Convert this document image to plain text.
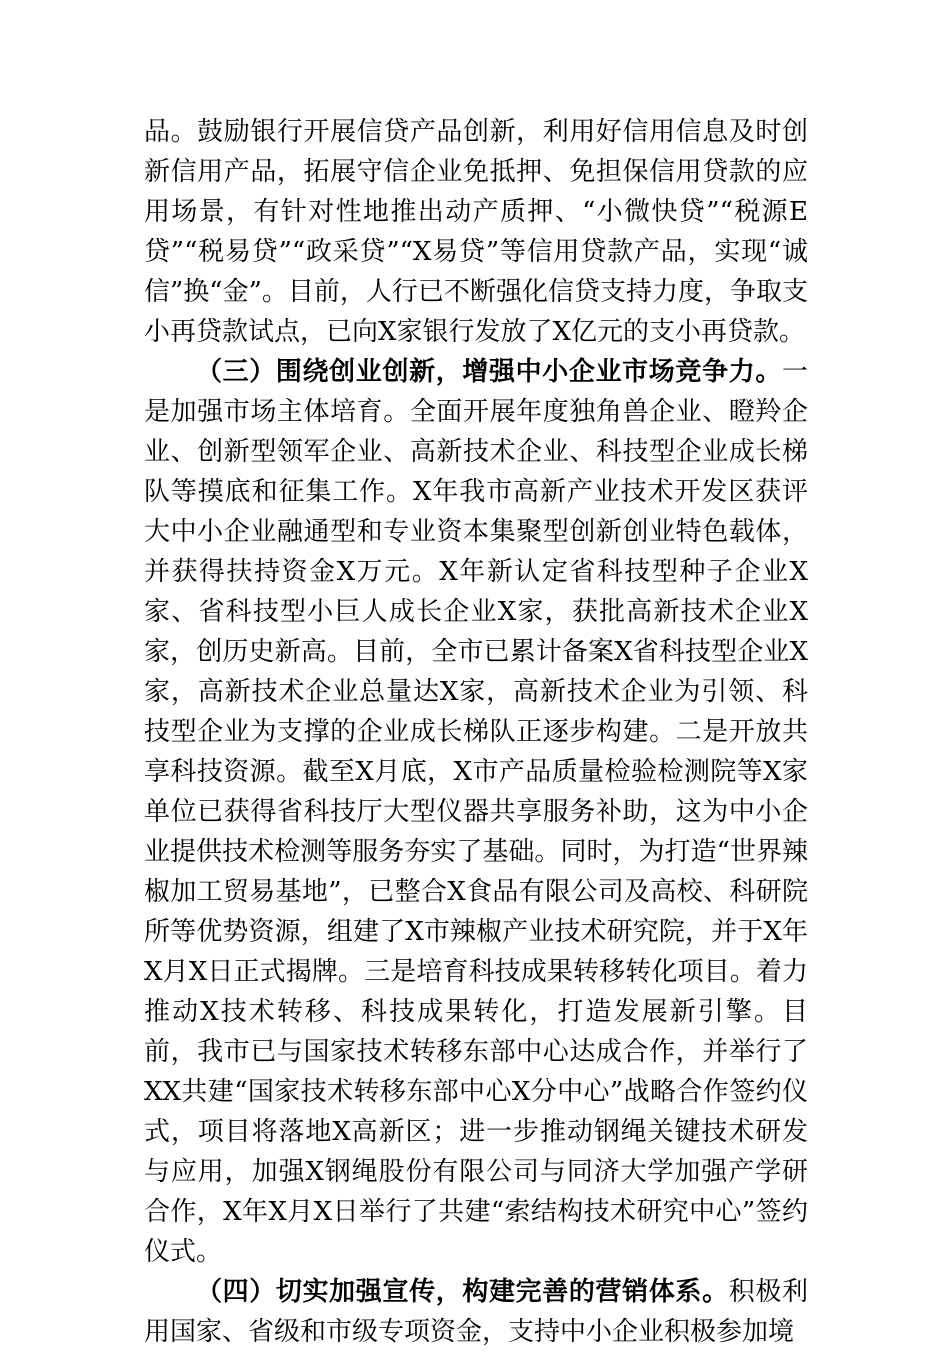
品。鼓励银行开展信贷产品创新，利用好信用信息及时创新信用产品，拓展守信企业免抵押、免担保信用贷款的应用场景，有针对性地推出动产质押、“小微快贷”“税源E贷”“税易贷”“政采贷”“X易贷”等信用贷款产品，实现“诚信”换“金”。目前，人行已不断强化信贷支持力度，争取支小再贷款试点，已向X家银行发放了X亿元的支小再贷款。

（三）围绕创业创新，增强中小企业市场竞争力。一是加强市场主体培育。全面开展年度独角兽企业、瞪羚企业、创新型领军企业、高新技术企业、科技型企业成长梯队等摸底和征集工作。X年我市高新产业技术开发区获评大中小企业融通型和专业资本集聚型创新创业特色载体，并获得扶持资金X万元。X年新认定省科技型种子企业X家、省科技型小巨人成长企业X家，获批高新技术企业X家，创历史新高。目前，全市已累计备案X省科技型企业X家，高新技术企业总量达X家，高新技术企业为引领、科技型企业为支撑的企业成长梯队正逐步构建。二是开放共享科技资源。截至X月底，X市产品质量检验检测院等X家单位已获得省科技厅大型仪器共享服务补助，这为中小企业提供技术检测等服务夯实了基础。同时，为打造“世界辣椒加工贸易基地”，已整合X食品有限公司及高校、科研院所等优势资源，组建了X市辣椒产业技术研究院，并于X年X月X日正式揭牌。三是培育科技成果转移转化项目。着力推动X技术转移、科技成果转化，打造发展新引擎。目前，我市已与国家技术转移东部中心达成合作，并举行了XX共建“国家技术转移东部中心X分中心”战略合作签约仪式，项目将落地X高新区；进一步推动钢绳关键技术研发与应用，加强X钢绳股份有限公司与同济大学加强产学研合作，X年X月X日举行了共建“索结构技术研究中心”签约仪式。

（四）切实加强宣传，构建完善的营销体系。积极利用国家、省级和市级专项资金，支持中小企业积极参加境
